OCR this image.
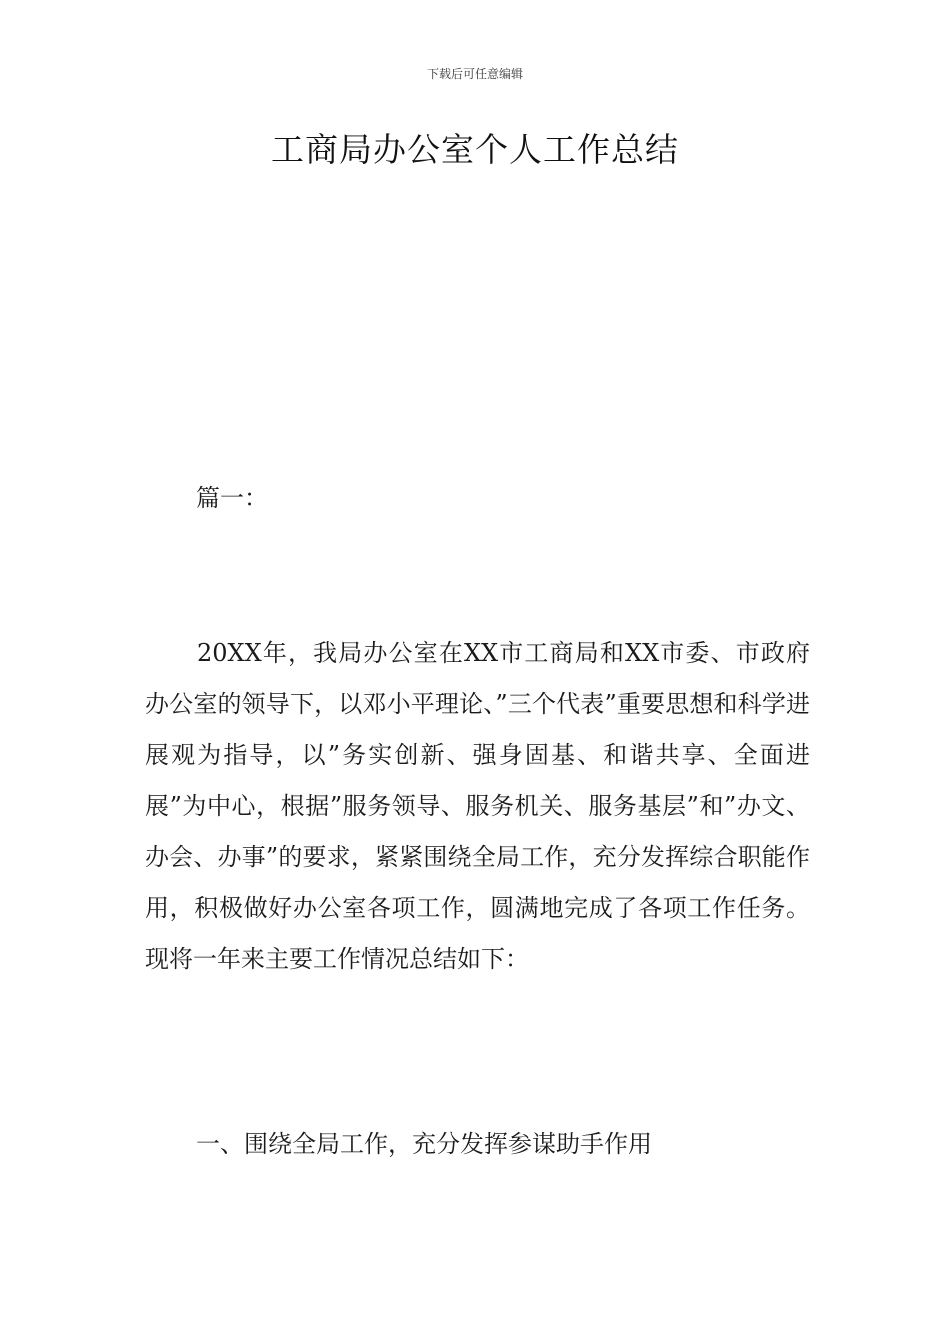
下载后可任意编辑
工商局办公室个人工作总结
篇一：
20XX年，我局办公室在XX市工商局和XX市委、市政府办公室的领导下，以邓小平理论、”三个代表”重要思想和科学进展观为指导，以”务实创新、强身固基、和谐共享、全面进展”为中心，根据”服务领导、服务机关、服务基层”和”办文、办会、办事”的要求，紧紧围绕全局工作，充分发挥综合职能作用，积极做好办公室各项工作，圆满地完成了各项工作任务。现将一年来主要工作情况总结如下：
一、围绕全局工作，充分发挥参谋助手作用
